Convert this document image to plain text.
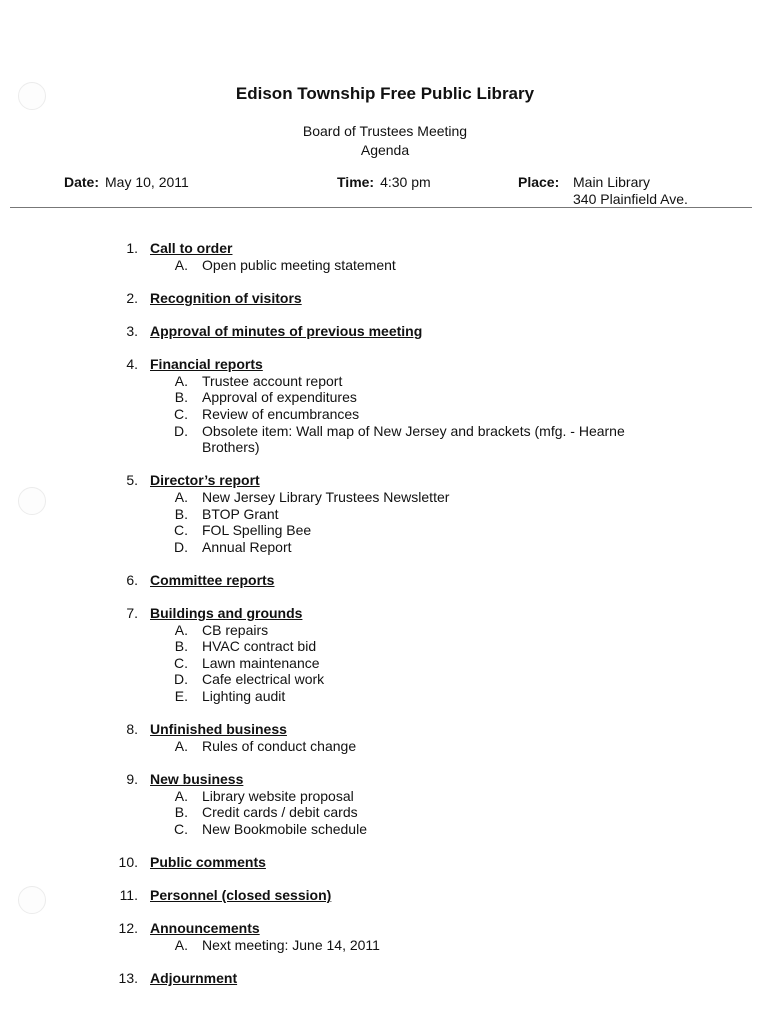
Edison Township Free Public Library
Board of Trustees Meeting
Agenda
Date: May 10, 2011	Time: 4:30 pm	Place: Main Library
340 Plainfield Ave.
1. Call to order
A. Open public meeting statement
2. Recognition of visitors
3. Approval of minutes of previous meeting
4. Financial reports
A. Trustee account report
B. Approval of expenditures
C. Review of encumbrances
D. Obsolete item: Wall map of New Jersey and brackets (mfg. - Hearne Brothers)
5. Director’s report
A. New Jersey Library Trustees Newsletter
B. BTOP Grant
C. FOL Spelling Bee
D. Annual Report
6. Committee reports
7. Buildings and grounds
A. CB repairs
B. HVAC contract bid
C. Lawn maintenance
D. Cafe electrical work
E. Lighting audit
8. Unfinished business
A. Rules of conduct change
9. New business
A. Library website proposal
B. Credit cards / debit cards
C. New Bookmobile schedule
10. Public comments
11. Personnel (closed session)
12. Announcements
A. Next meeting: June 14, 2011
13. Adjournment
